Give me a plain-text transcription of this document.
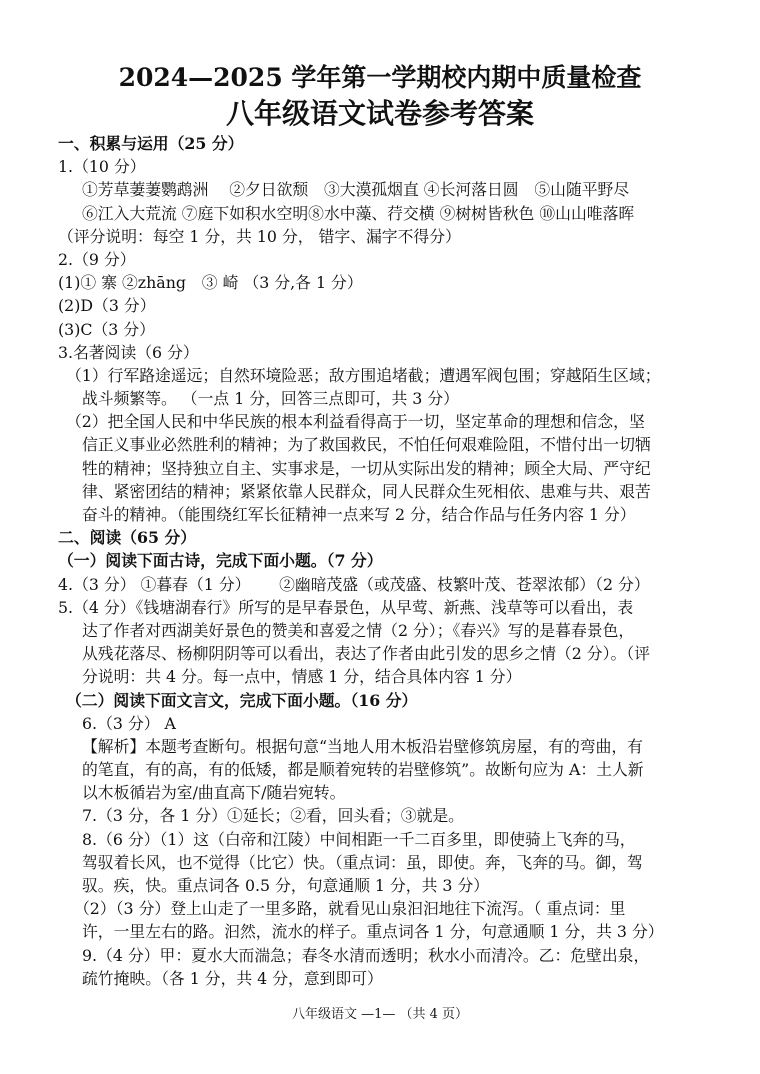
2024—2025 学年第一学期校内期中质量检查
八年级语文试卷参考答案
一、积累与运用（25 分）
1.（10 分）
①芳草萋萋鹦鹉洲　 ②夕日欲颓　③大漠孤烟直 ④长河落日圆　⑤山随平野尽
⑥江入大荒流 ⑦庭下如积水空明⑧水中藻、荇交横 ⑨树树皆秋色 ⑩山山唯落晖
（评分说明：每空 1 分，共 10 分， 错字、漏字不得分）
2.（9 分）
(1)① 寨 ②zhāng　③ 崎 （3 分,各 1 分）
(2)D（3 分）
(3)C（3 分）
3.名著阅读（6 分）
（1）行军路途遥远；自然环境险恶；敌方围追堵截；遭遇军阀包围；穿越陌生区域；
战斗频繁等。 （一点 1 分，回答三点即可，共 3 分）
（2）把全国人民和中华民族的根本利益看得高于一切，坚定革命的理想和信念，坚
信正义事业必然胜利的精神；为了救国救民，不怕任何艰难险阻，不惜付出一切牺
牲的精神；坚持独立自主、实事求是，一切从实际出发的精神；顾全大局、严守纪
律、紧密团结的精神；紧紧依靠人民群众，同人民群众生死相依、患难与共、艰苦
奋斗的精神。（能围绕红军长征精神一点来写 2 分，结合作品与任务内容 1 分）
二、阅读（65 分）
（一）阅读下面古诗，完成下面小题。（7 分）
4.（3 分） ①暮春（1 分）　　 ②幽暗茂盛（或茂盛、枝繁叶茂、苍翠浓郁）（2 分）
5.（4 分）《钱塘湖春行》所写的是早春景色，从早莺、新燕、浅草等可以看出，表
达了作者对西湖美好景色的赞美和喜爱之情（2 分）；《春兴》写的是暮春景色，
从残花落尽、杨柳阴阴等可以看出，表达了作者由此引发的思乡之情（2 分）。（评
分说明：共 4 分。每一点中，情感 1 分，结合具体内容 1 分）
（二）阅读下面文言文，完成下面小题。（16 分）
6.（3 分） A
【解析】本题考查断句。根据句意“当地人用木板沿岩壁修筑房屋，有的弯曲，有
的笔直，有的高，有的低矮，都是顺着宛转的岩壁修筑”。故断句应为 A：土人新
以木板循岩为室/曲直高下/随岩宛转。
7.（3 分，各 1 分）①延长；②看，回头看；③就是。
8.（6 分）（1）这（白帝和江陵）中间相距一千二百多里，即使骑上飞奔的马，
驾驭着长风，也不觉得（比它）快。（重点词：虽，即使。奔，飞奔的马。御，驾
驭。疾，快。重点词各 0.5 分，句意通顺 1 分，共 3 分）
（2）（3 分）登上山走了一里多路，就看见山泉汩汩地往下流泻。（ 重点词：里
许，一里左右的路。汩然，流水的样子。重点词各 1 分，句意通顺 1 分，共 3 分）
9.（4 分）甲：夏水大而湍急；春冬水清而透明；秋水小而清冷。乙：危壁出泉，
疏竹掩映。（各 1 分，共 4 分，意到即可）
八年级语文 —1— （共 4 页）
